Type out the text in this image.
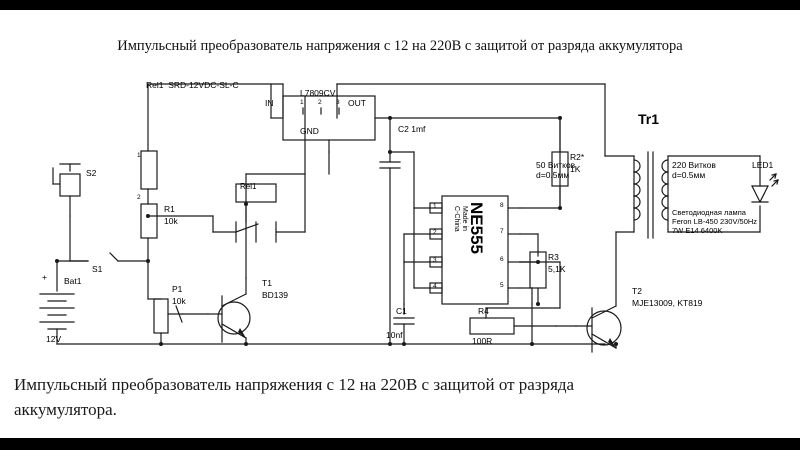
Импульсный преобразователь напряжения с 12 на 220В с защитой от разряда аккумулятора
Rel1  SRD-12VDC-SL-C
1
2
S2
S1
+ Bat1
12V
R1
10k
P1
10k
Rel1
T1
BD139
L7809CV
IN	OUT
GND
1 2 3
C2 1mf
C1
10nf
NE555
Made in
C-China
1
2
3
4
8
7
6
5
R2*
1K
R3
5,1K
R4
100R
T2
MJE13009, KT819
Tr1
50 Витков
d=0.5мм
220 Витков
d=0.5мм
LED1
Светодиодная лампа
Feron LB-450 230V/50Hz
7W E14 6400K
Импульсный преобразователь напряжения с 12 на 220В с защитой от разряда
аккумулятора.
